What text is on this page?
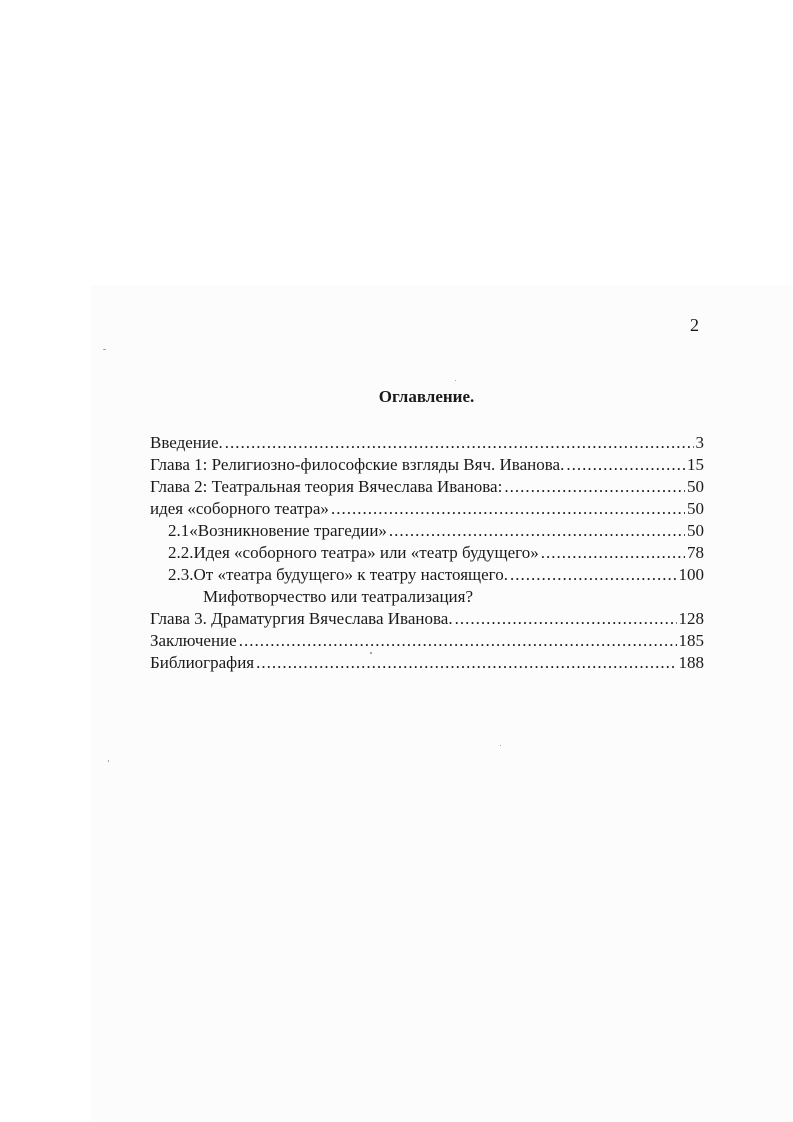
2
Оглавление.
Введение. .....	3
Глава 1: Религиозно-философские взгляды Вяч. Иванова. .....	15
Глава 2: Театральная теория Вячеслава Иванова: .....	50
идея «соборного театра» .....	50
2.1 «Возникновение трагедии» .....	50
2.2. Идея «соборного театра» или «театр будущего» .....	78
2.3. От «театра будущего» к театру настоящего. .....	100
Мифотворчество или театрализация?
Глава 3. Драматургия Вячеслава Иванова. .....	128
Заключение .....	185
Библиография .....	188
